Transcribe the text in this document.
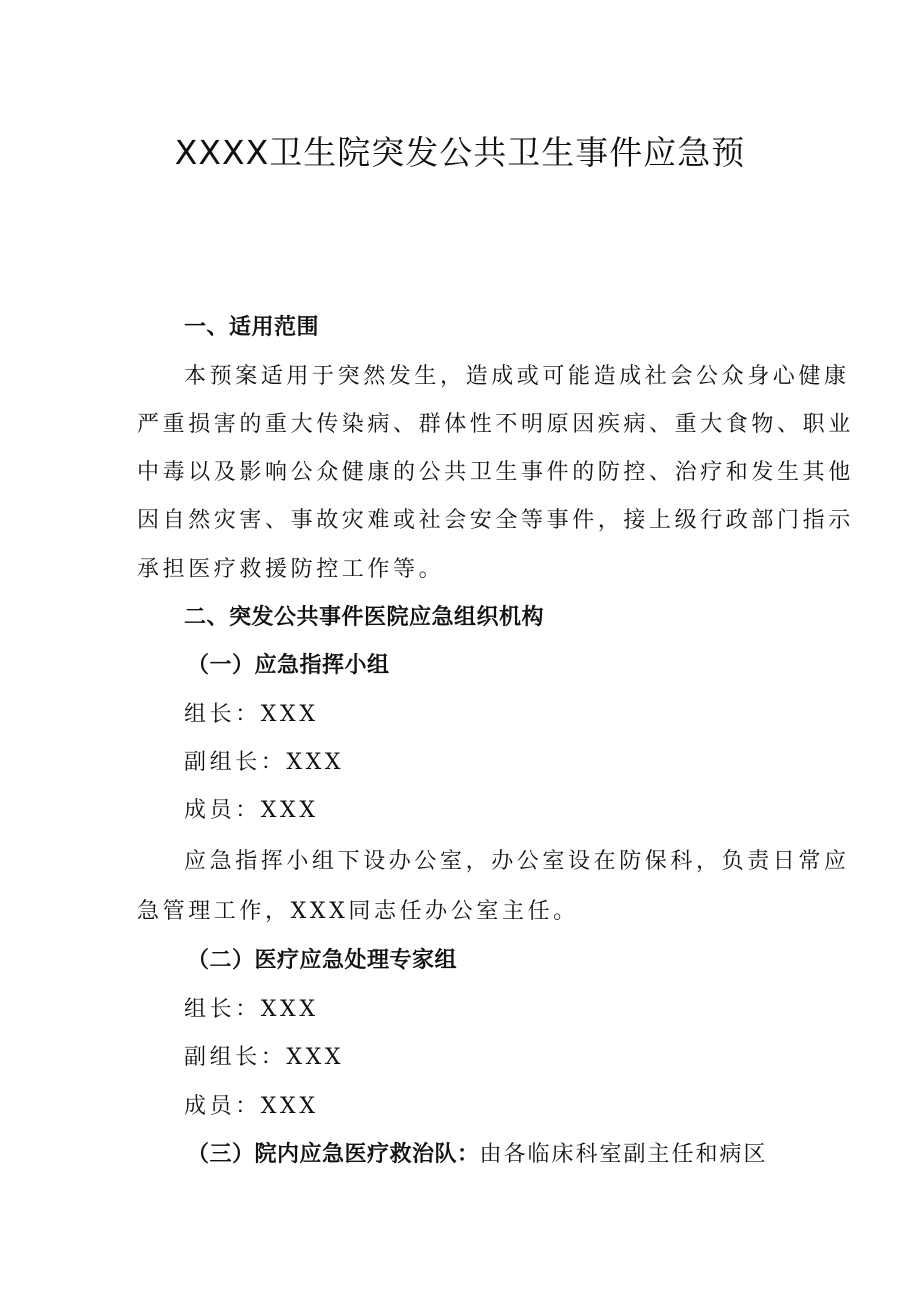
XXXX卫生院突发公共卫生事件应急预
一、适用范围
本预案适用于突然发生，造成或可能造成社会公众身心健康
严重损害的重大传染病、群体性不明原因疾病、重大食物、职业
中毒以及影响公众健康的公共卫生事件的防控、治疗和发生其他
因自然灾害、事故灾难或社会安全等事件，接上级行政部门指示
承担医疗救援防控工作等。
二、突发公共事件医院应急组织机构
（一）应急指挥小组
组长：XXX
副组长：XXX
成员：XXX
应急指挥小组下设办公室，办公室设在防保科，负责日常应
急管理工作，XXX同志任办公室主任。
（二）医疗应急处理专家组
组长：XXX
副组长：XXX
成员：XXX
（三）院内应急医疗救治队：由各临床科室副主任和病区
